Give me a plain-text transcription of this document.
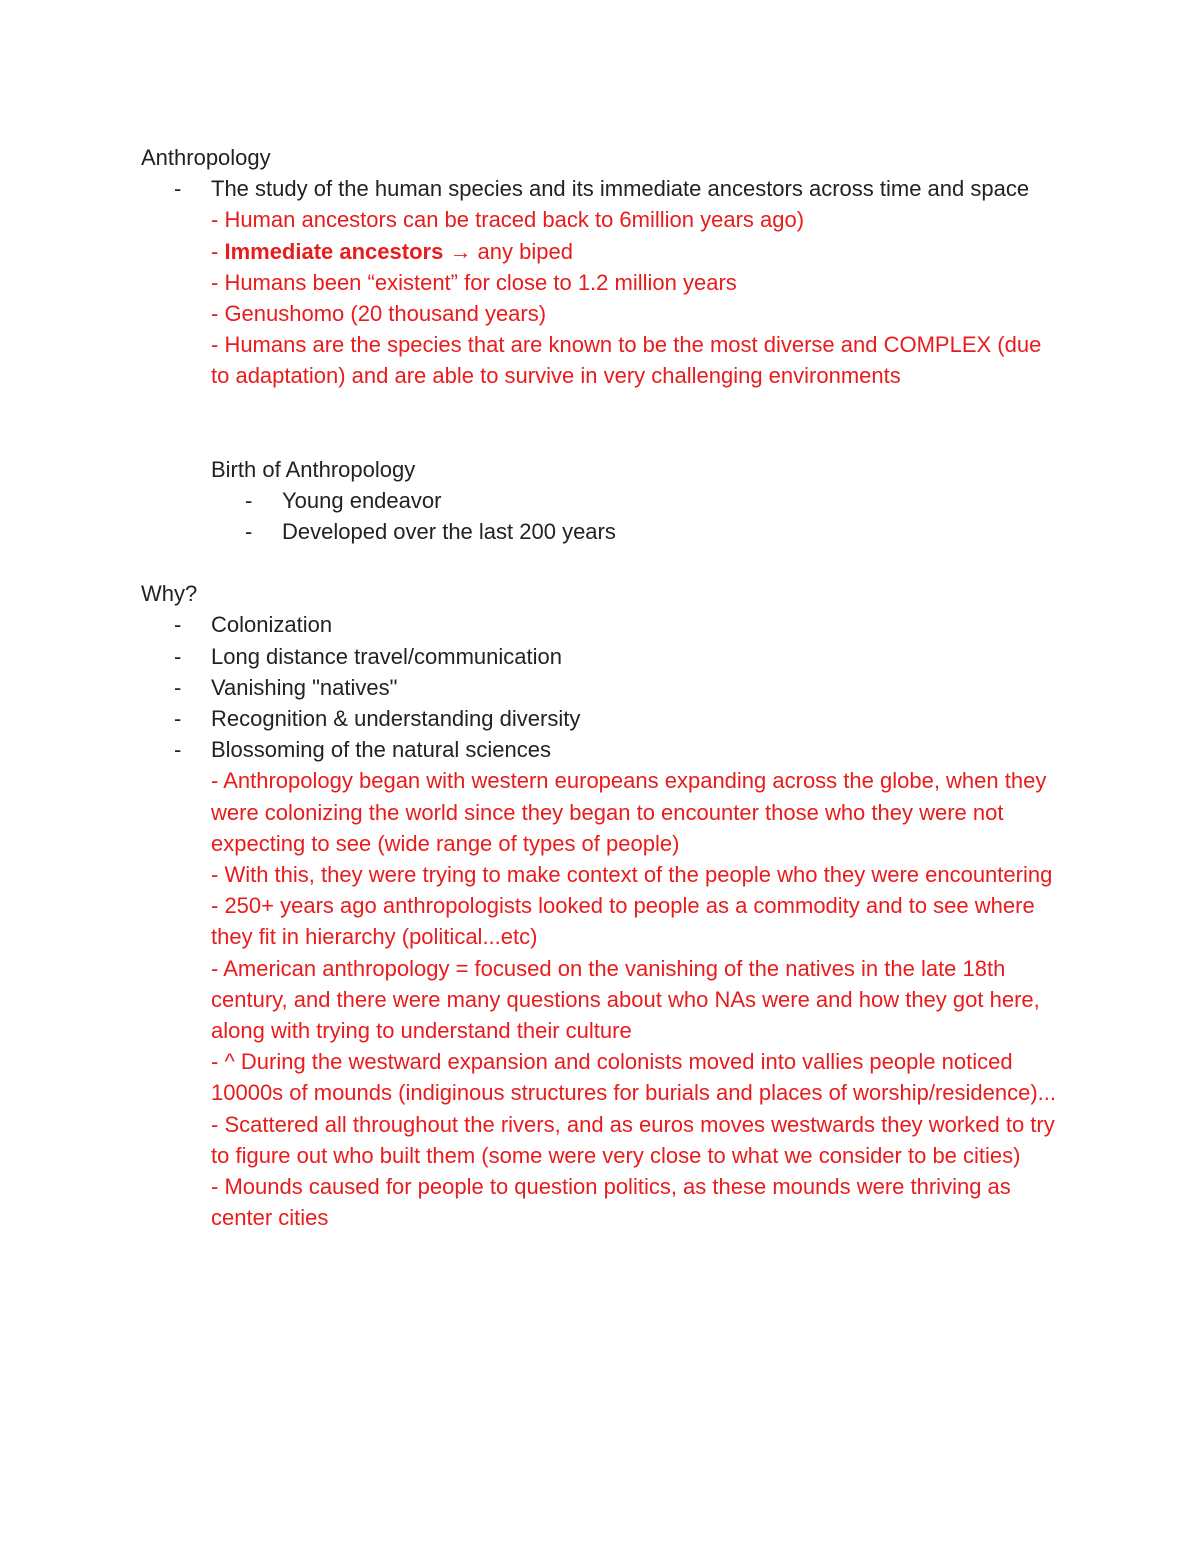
Anthropology
-	The study of the human species and its immediate ancestors across time and space
- Human ancestors can be traced back to 6million years ago)
- Immediate ancestors → any biped
- Humans been “existent” for close to 1.2 million years
- Genushomo (20 thousand years)
- Humans are the species that are known to be the most diverse and COMPLEX (due to adaptation) and are able to survive in very challenging environments
Birth of Anthropology
-	Young endeavor
-	Developed over the last 200 years
Why?
-	Colonization
-	Long distance travel/communication
-	Vanishing "natives"
-	Recognition & understanding diversity
-	Blossoming of the natural sciences
- Anthropology began with western europeans expanding across the globe, when they were colonizing the world since they began to encounter those who they were not expecting to see (wide range of types of people)
- With this, they were trying to make context of the people who they were encountering
- 250+ years ago anthropologists looked to people as a commodity and to see where they fit in hierarchy (political...etc)
- American anthropology = focused on the vanishing of the natives in the late 18th century, and there were many questions about who NAs were and how they got here, along with trying to understand their culture
- ^ During the westward expansion and colonists moved into vallies people noticed 10000s of mounds (indiginous structures for burials and places of worship/residence)...
- Scattered all throughout the rivers, and as euros moves westwards they worked to try to figure out who built them (some were very close to what we consider to be cities)
- Mounds caused for people to question politics, as these mounds were thriving as center cities
